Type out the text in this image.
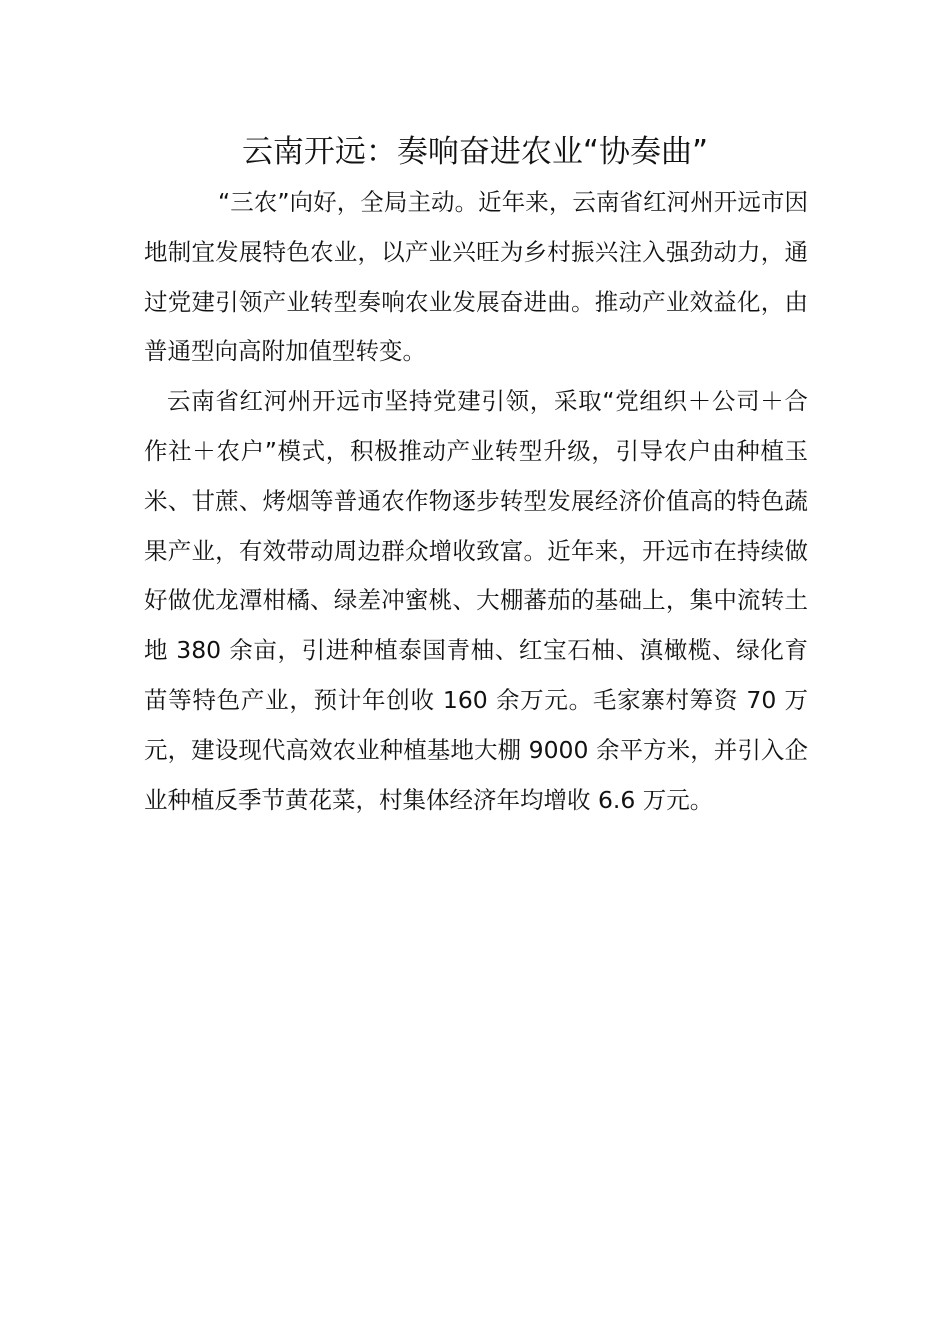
云南开远：奏响奋进农业“协奏曲”

“三农”向好，全局主动。近年来，云南省红河州开远市因地制宜发展特色农业，以产业兴旺为乡村振兴注入强劲动力，通过党建引领产业转型奏响农业发展奋进曲。推动产业效益化，由普通型向高附加值型转变。

云南省红河州开远市坚持党建引领，采取“党组织＋公司＋合作社＋农户”模式，积极推动产业转型升级，引导农户由种植玉米、甘蔗、烤烟等普通农作物逐步转型发展经济价值高的特色蔬果产业，有效带动周边群众增收致富。近年来，开远市在持续做好做优龙潭柑橘、绿差冲蜜桃、大棚蕃茄的基础上，集中流转土地 380 余亩，引进种植泰国青柚、红宝石柚、滇橄榄、绿化育苗等特色产业，预计年创收 160 余万元。毛家寨村筹资 70 万元，建设现代高效农业种植基地大棚 9000 余平方米，并引入企业种植反季节黄花菜，村集体经济年均增收 6.6 万元。
